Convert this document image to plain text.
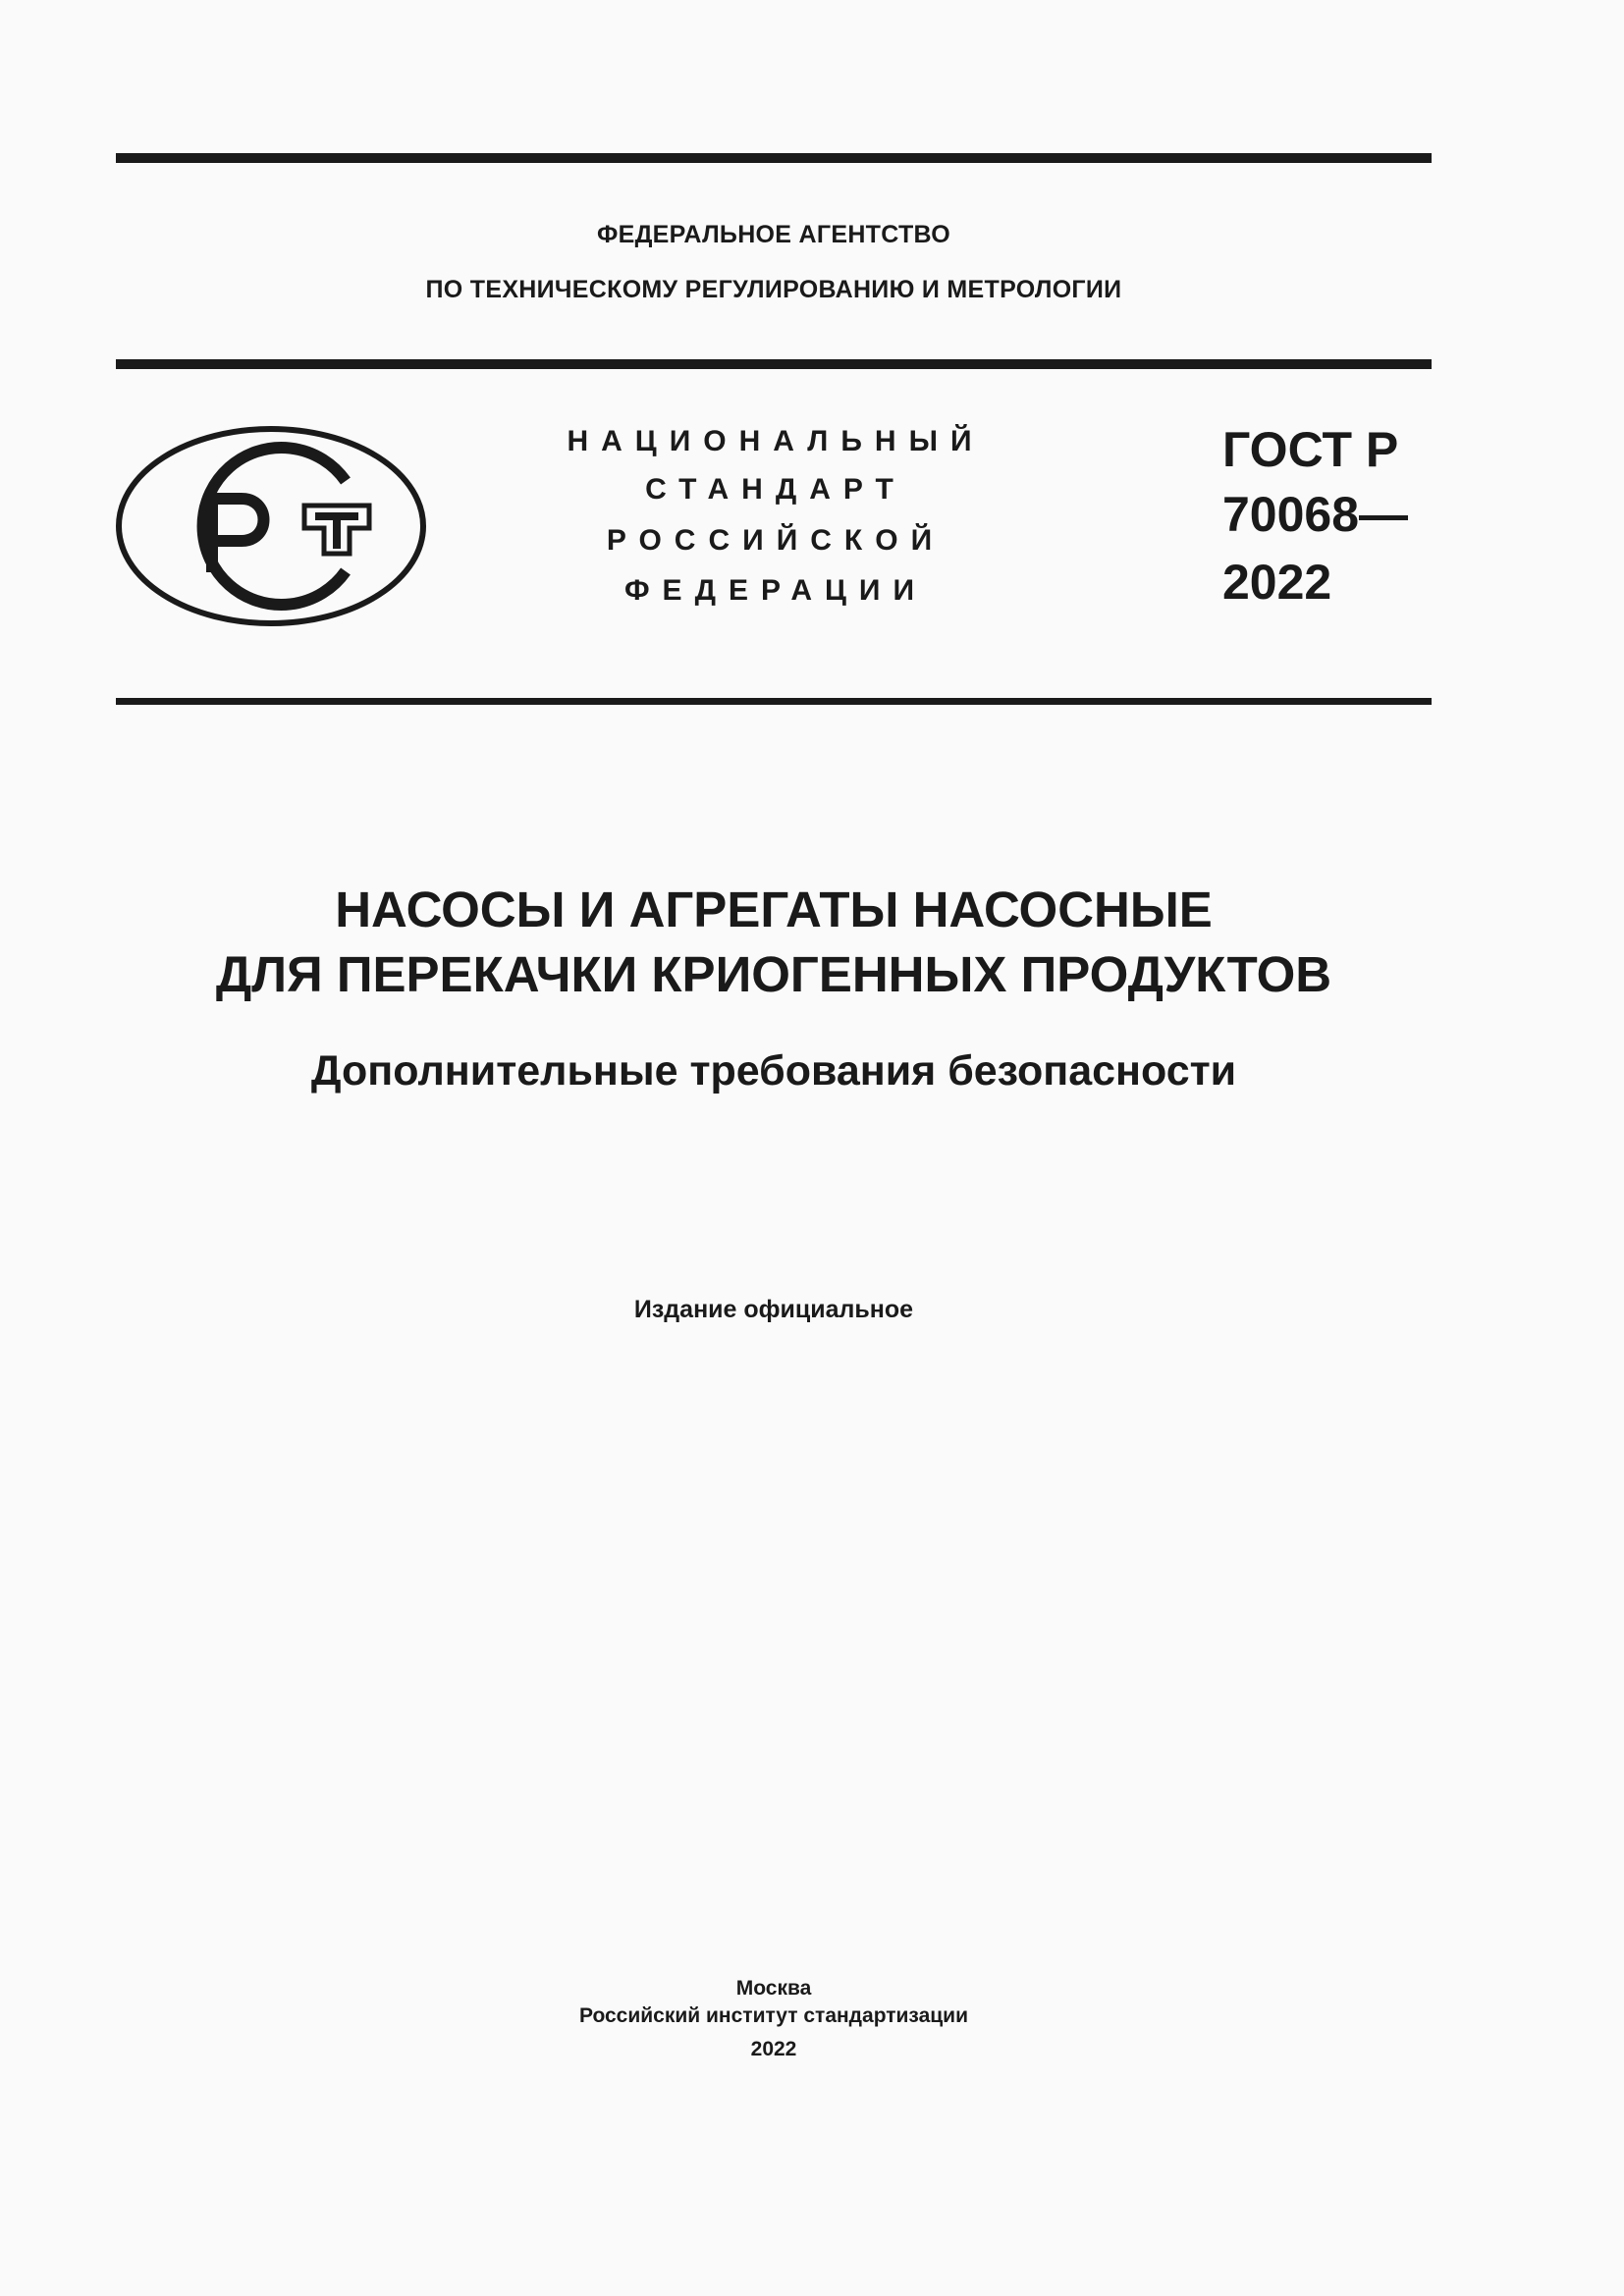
ФЕДЕРАЛЬНОЕ АГЕНТСТВО
ПО ТЕХНИЧЕСКОМУ РЕГУЛИРОВАНИЮ И МЕТРОЛОГИИ
НАЦИОНАЛЬНЫЙ
СТАНДАРТ
РОССИЙСКОЙ
ФЕДЕРАЦИИ
ГОСТ Р
70068—
2022
НАСОСЫ И АГРЕГАТЫ НАСОСНЫЕ
ДЛЯ ПЕРЕКАЧКИ КРИОГЕННЫХ ПРОДУКТОВ
Дополнительные требования безопасности
Издание официальное
Москва
Российский институт стандартизации
2022
